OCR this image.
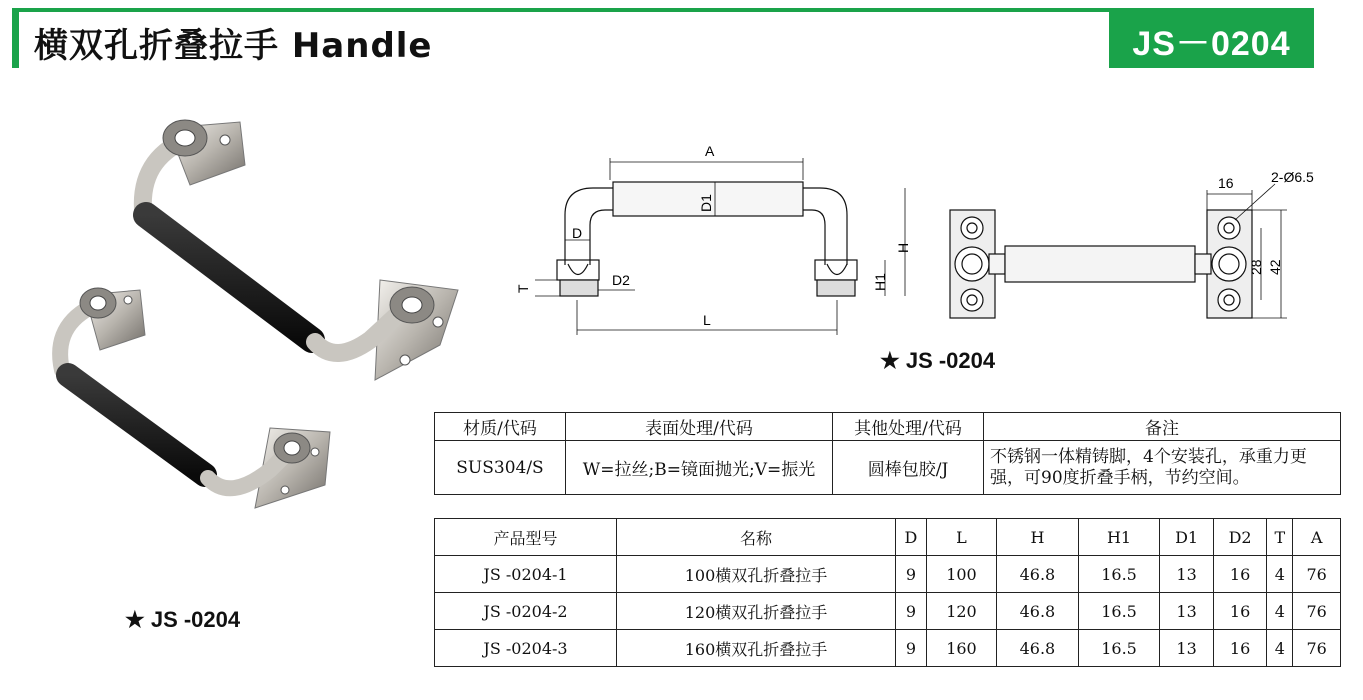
横双孔折叠拉手 Handle	JS－0204
★ JS -0204
A
D1
D
D2
H
H1
T
L
16	2-Ø6.5
28 42
★ JS -0204
材质/代码	表面处理/代码	其他处理/代码	备注
SUS304/S	W=拉丝;B=镜面抛光;V=振光	圆棒包胶/J	不锈钢一体精铸脚，4个安装孔，承重力更强，可90度折叠手柄，节约空间。
产品型号	名称	D	L	H	H1	D1	D2	T	A
JS -0204-1	100横双孔折叠拉手	9	100	46.8	16.5	13	16	4	76
JS -0204-2	120横双孔折叠拉手	9	120	46.8	16.5	13	16	4	76
JS -0204-3	160横双孔折叠拉手	9	160	46.8	16.5	13	16	4	76
